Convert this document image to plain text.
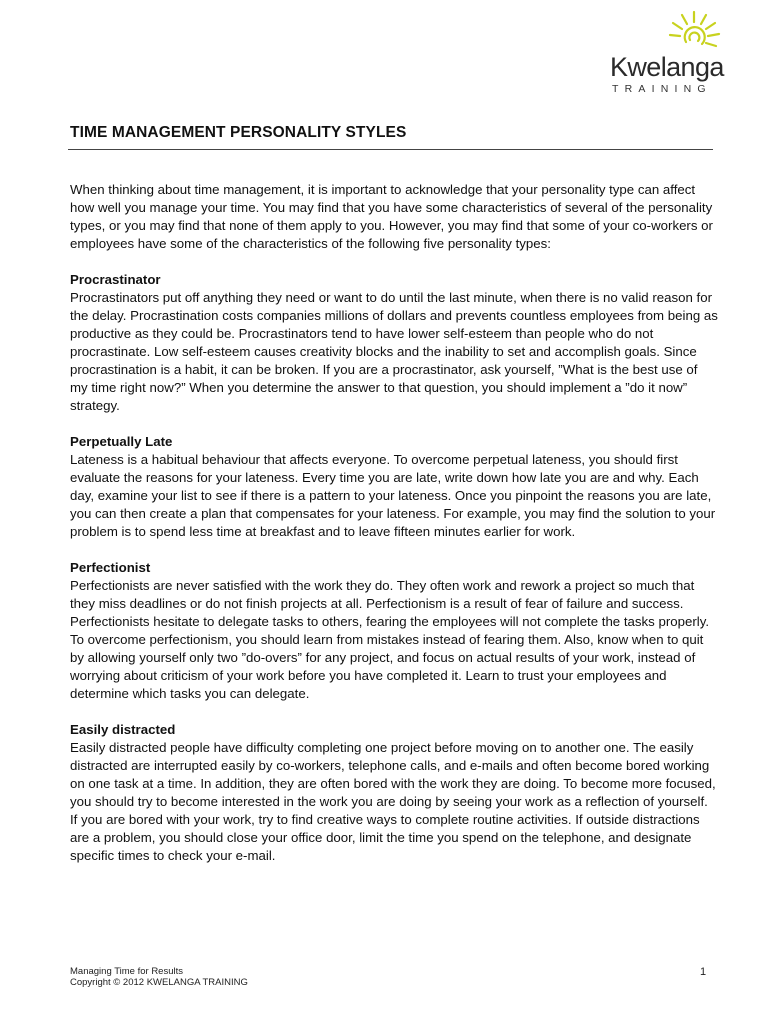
Kwelanga
TRAINING
TIME MANAGEMENT PERSONALITY STYLES

When thinking about time management, it is important to acknowledge that your personality type can affect how well you manage your time. You may find that you have some characteristics of several of the personality types, or you may find that none of them apply to you. However, you may find that some of your co-workers or employees have some of the characteristics of the following five personality types:

Procrastinator

Procrastinators put off anything they need or want to do until the last minute, when there is no valid reason for the delay. Procrastination costs companies millions of dollars and prevents countless employees from being as productive as they could be. Procrastinators tend to have lower self-esteem than people who do not procrastinate. Low self-esteem causes creativity blocks and the inability to set and accomplish goals. Since procrastination is a habit, it can be broken. If you are a procrastinator, ask yourself, ”What is the best use of my time right now?” When you determine the answer to that question, you should implement a ”do it now” strategy.

Perpetually Late

Lateness is a habitual behaviour that affects everyone. To overcome perpetual lateness, you should first evaluate the reasons for your lateness. Every time you are late, write down how late you are and why. Each day, examine your list to see if there is a pattern to your lateness. Once you pinpoint the reasons you are late, you can then create a plan that compensates for your lateness. For example, you may find the solution to your problem is to spend less time at breakfast and to leave fifteen minutes earlier for work.

Perfectionist

Perfectionists are never satisfied with the work they do. They often work and rework a project so much that they miss deadlines or do not finish projects at all. Perfectionism is a result of fear of failure and success. Perfectionists hesitate to delegate tasks to others, fearing the employees will not complete the tasks properly. To overcome perfectionism, you should learn from mistakes instead of fearing them. Also, know when to quit by allowing yourself only two ”do-overs” for any project, and focus on actual results of your work, instead of worrying about criticism of your work before you have completed it. Learn to trust your employees and determine which tasks you can delegate.

Easily distracted

Easily distracted people have difficulty completing one project before moving on to another one. The easily distracted are interrupted easily by co-workers, telephone calls, and e-mails and often become bored working on one task at a time. In addition, they are often bored with the work they are doing. To become more focused, you should try to become interested in the work you are doing by seeing your work as a reflection of yourself. If you are bored with your work, try to find creative ways to complete routine activities. If outside distractions are a problem, you should close your office door, limit the time you spend on the telephone, and designate specific times to check your e-mail.

Managing Time for Results
Copyright © 2012 KWELANGA TRAINING
1
